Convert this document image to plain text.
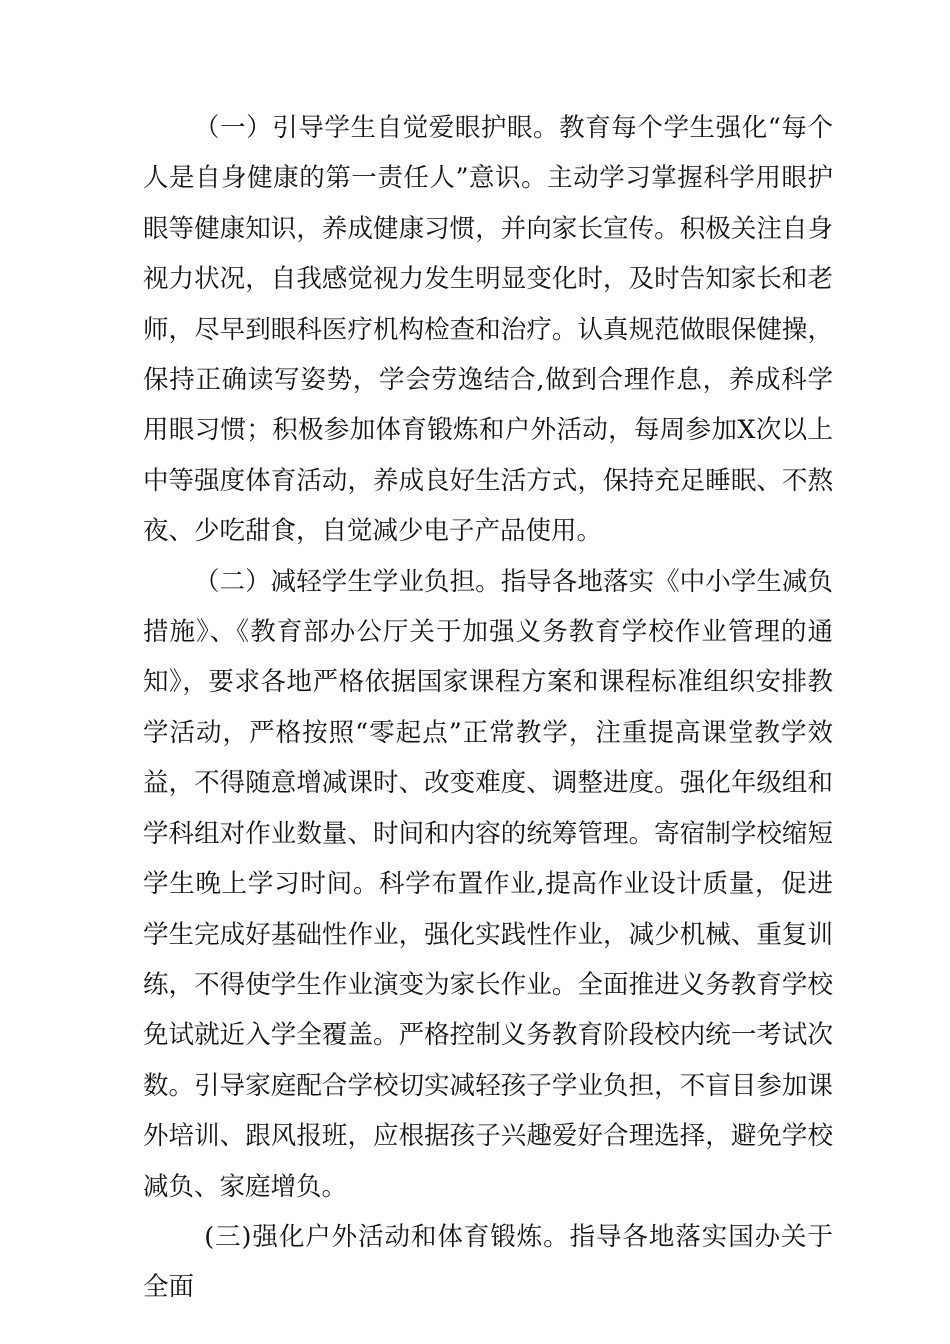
（一）引导学生自觉爱眼护眼。教育每个学生强化“每个人是自身健康的第一责任人”意识。主动学习掌握科学用眼护眼等健康知识，养成健康习惯，并向家长宣传。积极关注自身视力状况，自我感觉视力发生明显变化时，及时告知家长和老师，尽早到眼科医疗机构检查和治疗。认真规范做眼保健操，保持正确读写姿势，学会劳逸结合,做到合理作息，养成科学用眼习惯；积极参加体育锻炼和户外活动，每周参加X次以上中等强度体育活动，养成良好生活方式，保持充足睡眠、不熬夜、少吃甜食，自觉减少电子产品使用。

（二）减轻学生学业负担。指导各地落实《中小学生减负措施》、《教育部办公厅关于加强义务教育学校作业管理的通知》，要求各地严格依据国家课程方案和课程标准组织安排教学活动，严格按照“零起点”正常教学，注重提高课堂教学效益，不得随意增减课时、改变难度、调整进度。强化年级组和学科组对作业数量、时间和内容的统筹管理。寄宿制学校缩短学生晚上学习时间。科学布置作业,提高作业设计质量，促进学生完成好基础性作业，强化实践性作业，减少机械、重复训练，不得使学生作业演变为家长作业。全面推进义务教育学校免试就近入学全覆盖。严格控制义务教育阶段校内统一考试次数。引导家庭配合学校切实减轻孩子学业负担，不盲目参加课外培训、跟风报班，应根据孩子兴趣爱好合理选择，避免学校减负、家庭增负。

(三)强化户外活动和体育锻炼。指导各地落实国办关于全面
